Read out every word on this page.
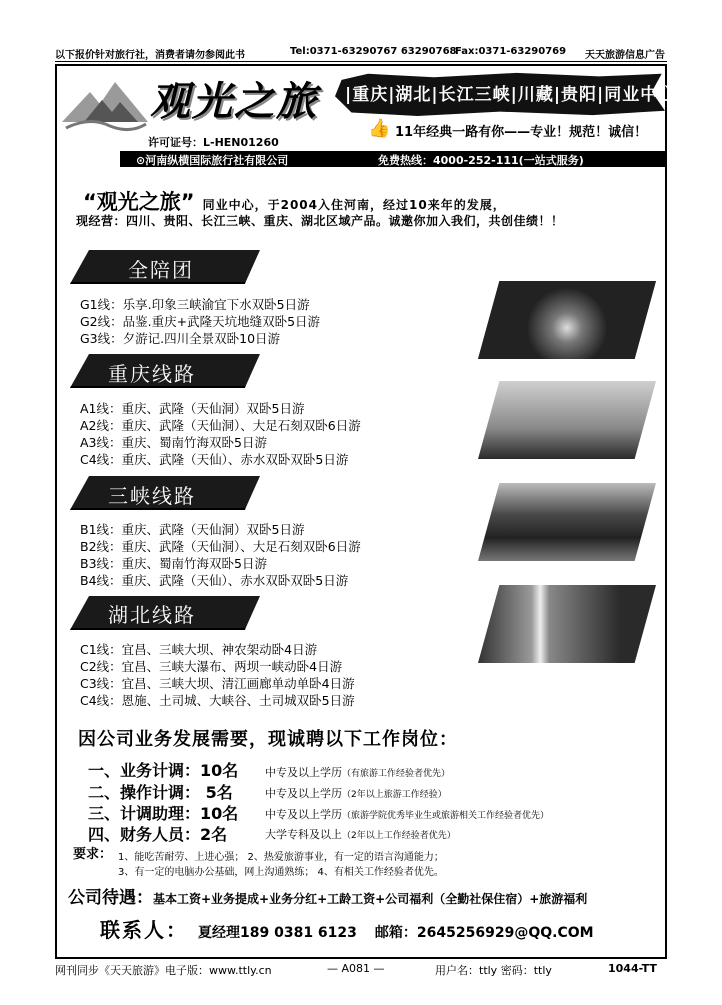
以下报价针对旅行社，消费者请勿参阅此书	Tel:0371-63290767 63290768
Fax:0371-63290769 天天旅游信息广告
观光之旅
许可证号：L-HEN01260
|重庆|湖北|长江三峡|川藏|贵阳|同业中心
👍 11年经典一路有你——专业！规范！诚信！
⊙河南纵横国际旅行社有限公司	免费热线：4000-252-111(一站式服务)
“观光之旅” 同业中心，于2004入住河南，经过10来年的发展，
现经营：四川、贵阳、长江三峡、重庆、湖北区域产品。诚邀你加入我们，共创佳绩！！
全陪团
G1线：乐享.印象三峡渝宜下水双卧5日游
G2线：品鉴.重庆+武隆天坑地缝双卧5日游
G3线：夕游记.四川全景双卧10日游
重庆线路
A1线：重庆、武隆（天仙洞）双卧5日游
A2线：重庆、武隆（天仙洞）、大足石刻双卧6日游
A3线：重庆、蜀南竹海双卧5日游
C4线：重庆、武隆（天仙）、赤水双卧双卧5日游
三峡线路
B1线：重庆、武隆（天仙洞）双卧5日游
B2线：重庆、武隆（天仙洞）、大足石刻双卧6日游
B3线：重庆、蜀南竹海双卧5日游
B4线：重庆、武隆（天仙）、赤水双卧双卧5日游
湖北线路
C1线：宜昌、三峡大坝、神农架动卧4日游
C2线：宜昌、三峡大瀑布、两坝一峡动卧4日游
C3线：宜昌、三峡大坝、清江画廊单动单卧4日游
C4线：恩施、土司城、大峡谷、土司城双卧5日游
因公司业务发展需要，现诚聘以下工作岗位：
一、业务计调：10名 中专及以上学历（有旅游工作经验者优先）
二、操作计调： 5名	中专及以上学历（2年以上旅游工作经验）
三、计调助理：10名 中专及以上学历（旅游学院优秀毕业生或旅游相关工作经验者优先）
四、财务人员：2名	大学专科及以上（2年以上工作经验者优先）
要求： 1、能吃苦耐劳、上进心强； 2、热爱旅游事业，有一定的语言沟通能力；
3、有一定的电脑办公基础，网上沟通熟练； 4、有相关工作经验者优先。
公司待遇：基本工资+业务提成+业务分红+工龄工资+公司福利（全勤社保住宿）+旅游福利
联系人： 夏经理189 0381 6123 邮箱：2645256929@QQ.COM
网刊同步《天天旅游》电子版：www.ttly.cn	— A081 —	用户名：ttly 密码：ttly	1044-TT
